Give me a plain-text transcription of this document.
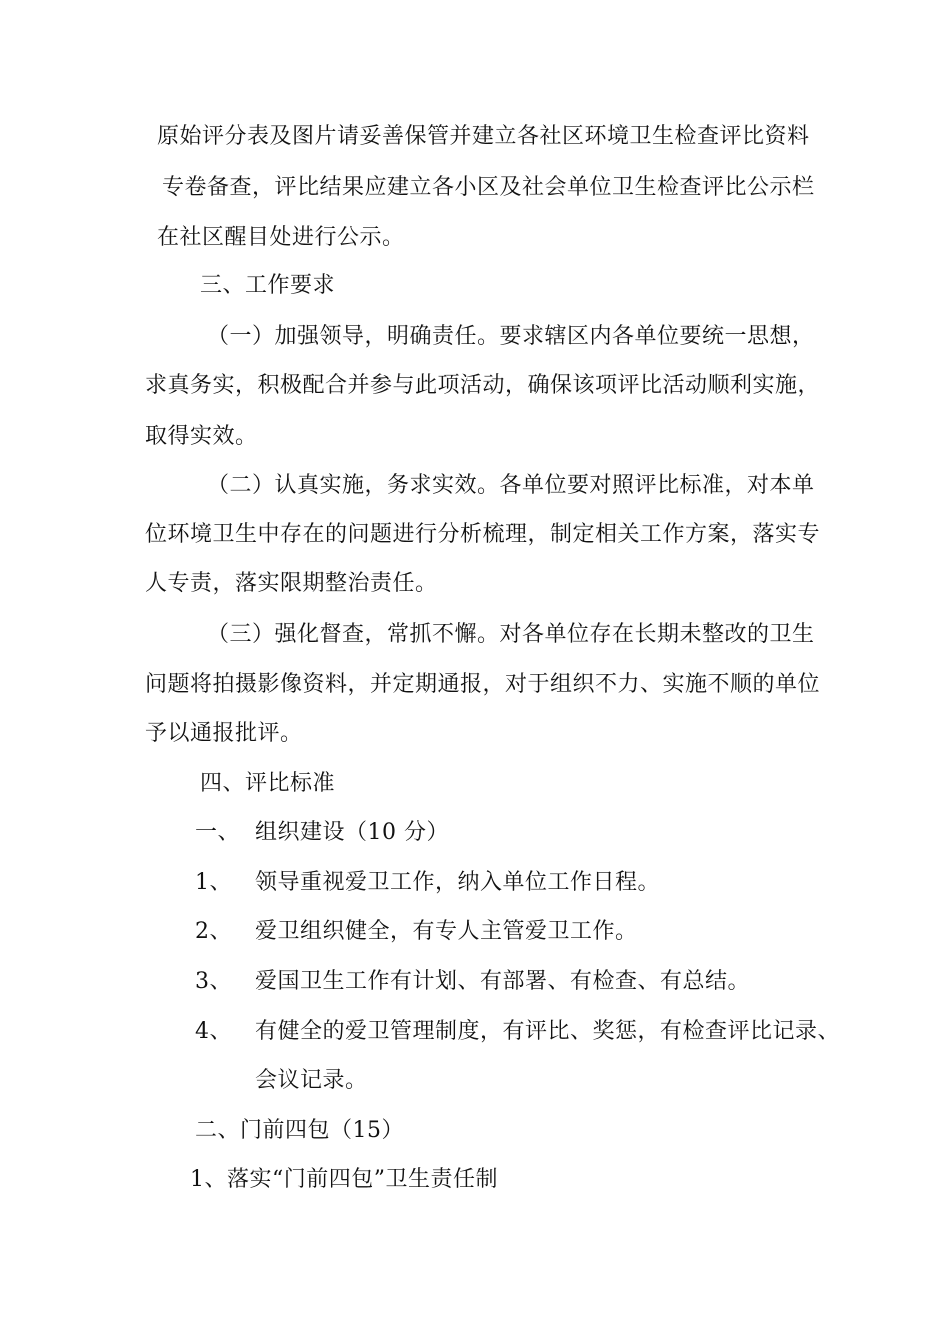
原始评分表及图片请妥善保管并建立各社区环境卫生检查评比资料
专卷备查，评比结果应建立各小区及社会单位卫生检查评比公示栏
在社区醒目处进行公示。
三、工作要求
（一）加强领导，明确责任。要求辖区内各单位要统一思想，
求真务实，积极配合并参与此项活动，确保该项评比活动顺利实施，
取得实效。
（二）认真实施，务求实效。各单位要对照评比标准，对本单
位环境卫生中存在的问题进行分析梳理，制定相关工作方案，落实专
人专责，落实限期整治责任。
（三）强化督查，常抓不懈。对各单位存在长期未整改的卫生
问题将拍摄影像资料，并定期通报，对于组织不力、实施不顺的单位
予以通报批评。
四、评比标准
一、 组织建设（10 分）
1、 领导重视爱卫工作，纳入单位工作日程。
2、 爱卫组织健全，有专人主管爱卫工作。
3、 爱国卫生工作有计划、有部署、有检查、有总结。
4、 有健全的爱卫管理制度，有评比、奖惩，有检查评比记录、
会议记录。
二、门前四包（15）
1、落实“门前四包”卫生责任制
